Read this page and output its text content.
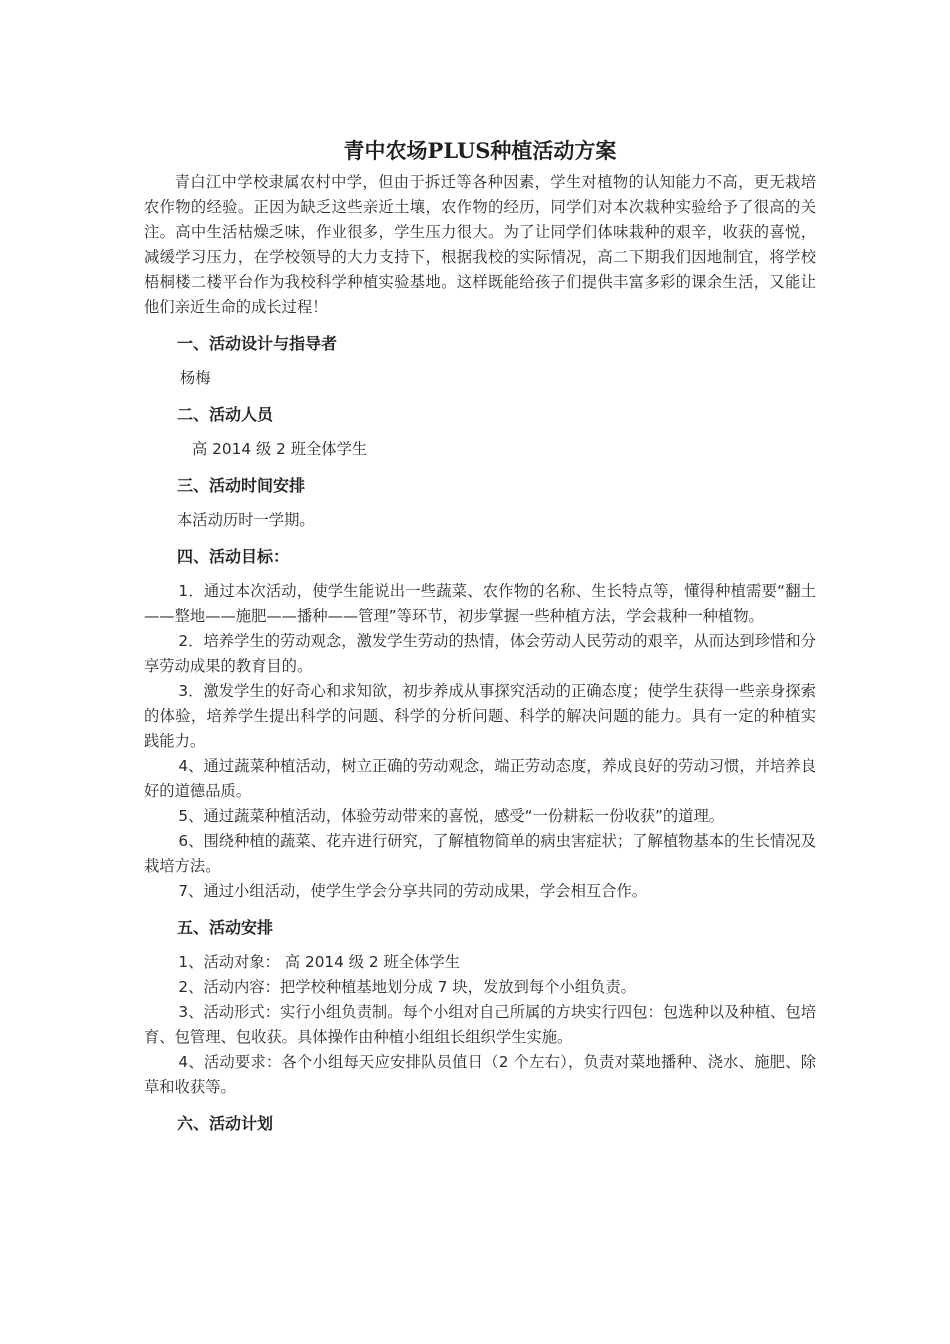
青中农场PLUS种植活动方案

青白江中学校隶属农村中学，但由于拆迁等各种因素，学生对植物的认知能力不高，更无栽培农作物的经验。正因为缺乏这些亲近土壤，农作物的经历，同学们对本次栽种实验给予了很高的关注。高中生活枯燥乏味，作业很多，学生压力很大。为了让同学们体味栽种的艰辛，收获的喜悦，减缓学习压力，在学校领导的大力支持下，根据我校的实际情况，高二下期我们因地制宜，将学校梧桐楼二楼平台作为我校科学种植实验基地。这样既能给孩子们提供丰富多彩的课余生活，又能让他们亲近生命的成长过程！

一、活动设计与指导者
杨梅
二、活动人员
高 2014 级 2 班全体学生
三、活动时间安排
本活动历时一学期。
四、活动目标：

1．通过本次活动，使学生能说出一些蔬菜、农作物的名称、生长特点等，懂得种植需要“翻土——整地——施肥——播种——管理”等环节，初步掌握一些种植方法，学会栽种一种植物。

2．培养学生的劳动观念，激发学生劳动的热情，体会劳动人民劳动的艰辛，从而达到珍惜和分享劳动成果的教育目的。

3．激发学生的好奇心和求知欲，初步养成从事探究活动的正确态度；使学生获得一些亲身探索的体验，培养学生提出科学的问题、科学的分析问题、科学的解决问题的能力。具有一定的种植实践能力。

4、通过蔬菜种植活动，树立正确的劳动观念，端正劳动态度，养成良好的劳动习惯，并培养良好的道德品质。

5、通过蔬菜种植活动，体验劳动带来的喜悦，感受“一份耕耘一份收获”的道理。

6、围绕种植的蔬菜、花卉进行研究，了解植物简单的病虫害症状；了解植物基本的生长情况及栽培方法。

7、通过小组活动，使学生学会分享共同的劳动成果，学会相互合作。

五、活动安排

1、活动对象： 高 2014 级 2 班全体学生

2、活动内容：把学校种植基地划分成 7 块，发放到每个小组负责。

3、活动形式：实行小组负责制。每个小组对自己所属的方块实行四包：包选种以及种植、包培育、包管理、包收获。具体操作由种植小组组长组织学生实施。

4、活动要求：各个小组每天应安排队员值日（2 个左右），负责对菜地播种、浇水、施肥、除草和收获等。

六、活动计划
